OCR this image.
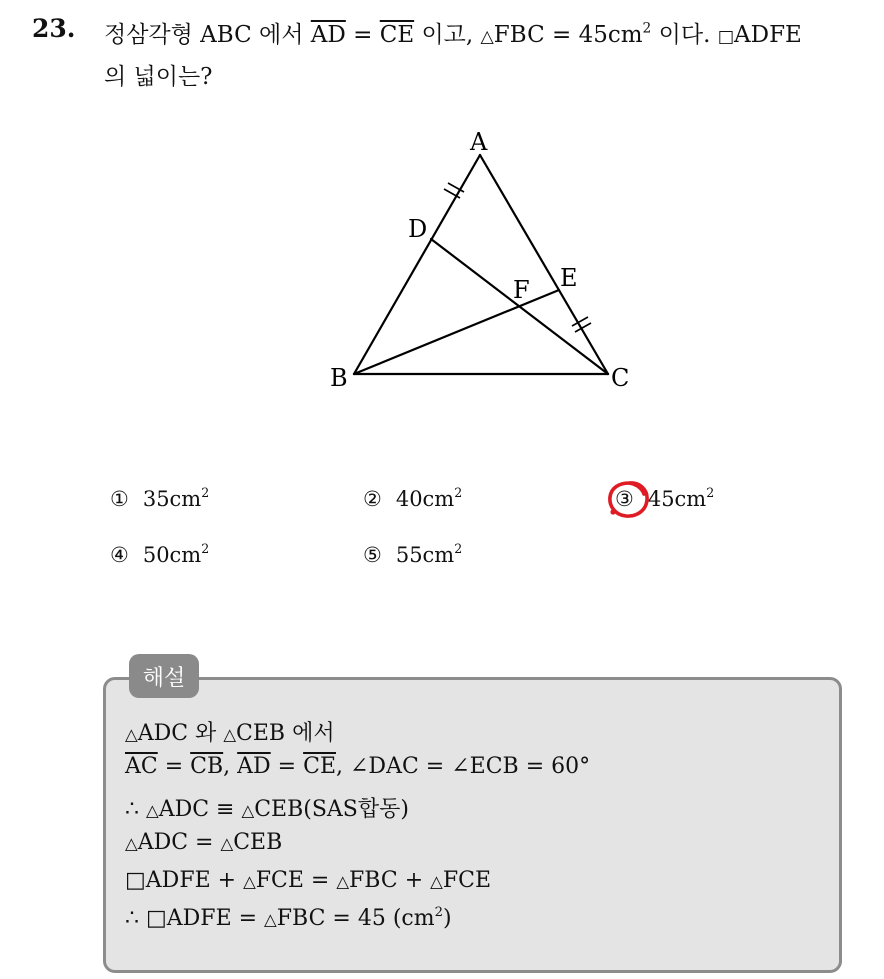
23. 정삼각형 ABC 에서 $\overline{AD} = \overline{CE}$ 이고, △FBC = $45cm^2$ 이다. □ADFE
의 넓이는?
A
B	C
D
E
F
① $35cm^2$	② $40cm^2$	③ $45cm^2$
④ $50cm^2$	⑤ $55cm^2$
해설
△ADC 와 △CEB 에서
$\overline{AC} = \overline{CB}$, $\overline{AD} = \overline{CE}$, ∠DAC = ∠ECB = 60°
∴ △ADC ≡ △CEB(SAS합동)
△ADC = △CEB
□ADFE + △FCE = △FBC + △FCE
∴ □ADFE = △FBC = 45 $(cm^2)$
